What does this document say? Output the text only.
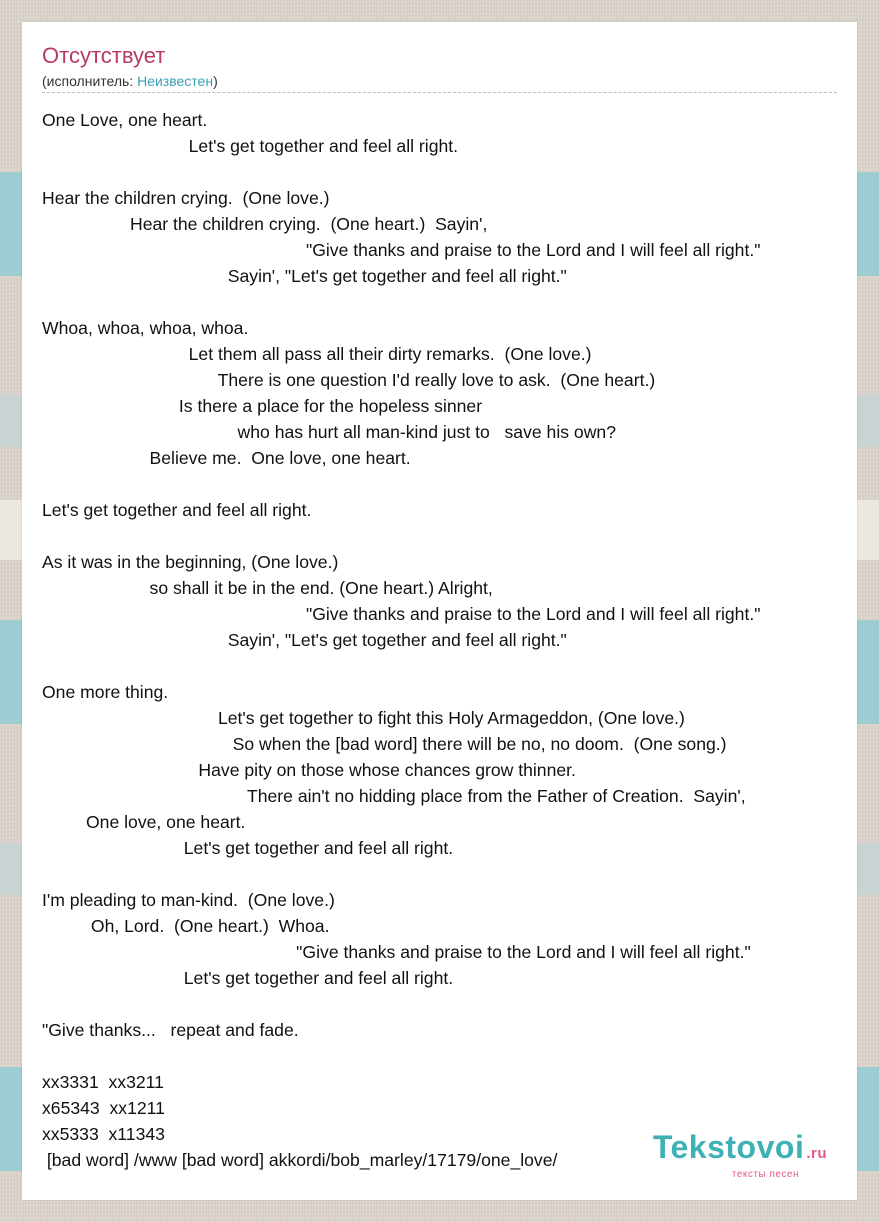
Отсутствует
(исполнитель: Неизвестен)
One Love, one heart.
Let's get together and feel all right.

Hear the children crying.  (One love.)
Hear the children crying.  (One heart.)  Sayin',
"Give thanks and praise to the Lord and I will feel all right."
Sayin', "Let's get together and feel all right."

Whoa, whoa, whoa, whoa.
Let them all pass all their dirty remarks.  (One love.)
There is one question I'd really love to ask.  (One heart.)
Is there a place for the hopeless sinner
who has hurt all man-kind just to   save his own?
Believe me.  One love, one heart.

Let's get together and feel all right.

As it was in the beginning, (One love.)
so shall it be in the end. (One heart.) Alright,
"Give thanks and praise to the Lord and I will feel all right."
Sayin', "Let's get together and feel all right."

One more thing.
Let's get together to fight this Holy Armageddon, (One love.)
So when the [bad word] there will be no, no doom.  (One song.)
Have pity on those whose chances grow thinner.
There ain't no hidding place from the Father of Creation.  Sayin',
One love, one heart.
Let's get together and feel all right.

I'm pleading to man-kind.  (One love.)
Oh, Lord.  (One heart.)  Whoa.
"Give thanks and praise to the Lord and I will feel all right."
Let's get together and feel all right.

"Give thanks...   repeat and fade.

xx3331  xx3211
x65343  xx1211
xx5333  x11343
[bad word] /www [bad word] akkordi/bob_marley/17179/one_love/	Tekstovoi .ru
тексты песен
